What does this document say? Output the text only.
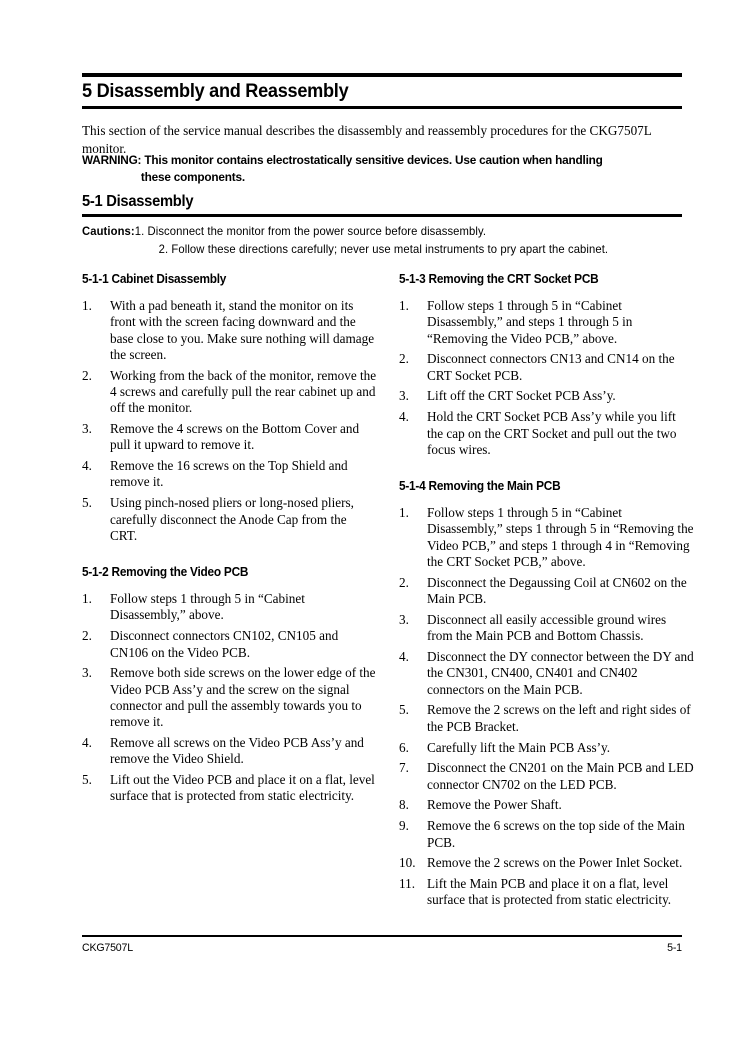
5 Disassembly and Reassembly

This section of the service manual describes the disassembly and reassembly procedures for the CKG7507L monitor.

WARNING: This monitor contains electrostatically sensitive devices. Use caution when handling
these components.
5-1 Disassembly
Cautions:1. Disconnect the monitor from the power source before disassembly.
2. Follow these directions carefully; never use metal instruments to pry apart the cabinet.
5-1-1 Cabinet Disassembly
1.	With a pad beneath it, stand the monitor on its front with the screen facing downward and the base close to you. Make sure nothing will damage the screen.
2.	Working from the back of the monitor, remove the 4 screws and carefully pull the rear cabinet up and off the monitor.
3.	Remove the 4 screws on the Bottom Cover and pull it upward to remove it.
4.	Remove the 16 screws on the Top Shield and remove it.
5.	Using pinch-nosed pliers or long-nosed pliers, carefully disconnect the Anode Cap from the CRT.
5-1-2 Removing the Video PCB
1.	Follow steps 1 through 5 in “Cabinet Disassembly,” above.
2.	Disconnect connectors CN102, CN105 and CN106 on the Video PCB.
3.	Remove both side screws on the lower edge of the Video PCB Ass’y and the screw on the signal connector and pull the assembly towards you to remove it.
4.	Remove all screws on the Video PCB Ass’y and remove the Video Shield.
5.	Lift out the Video PCB and place it on a flat, level surface that is protected from static electricity.
5-1-3 Removing the CRT Socket PCB
1.	Follow steps 1 through 5 in “Cabinet Disassembly,” and steps 1 through 5 in “Removing the Video PCB,” above.
2.	Disconnect connectors CN13 and CN14 on the CRT Socket PCB.
3.	Lift off the CRT Socket PCB Ass’y.
4.	Hold the CRT Socket PCB Ass’y while you lift the cap on the CRT Socket and pull out the two focus wires.
5-1-4 Removing the Main PCB
1.	Follow steps 1 through 5 in “Cabinet Disassembly,” steps 1 through 5 in “Removing the Video PCB,” and steps 1 through 4 in “Removing the CRT Socket PCB,” above.
2.	Disconnect the Degaussing Coil at CN602 on the Main PCB.
3.	Disconnect all easily accessible ground wires from the Main PCB and Bottom Chassis.
4.	Disconnect the DY connector between the DY and the CN301, CN400, CN401 and CN402 connectors on the Main PCB.
5.	Remove the 2 screws on the left and right sides of the PCB Bracket.
6.	Carefully lift the Main PCB Ass’y.
7.	Disconnect the CN201 on the Main PCB and LED connector CN702 on the LED PCB.
8.	Remove the Power Shaft.
9.	Remove the 6 screws on the top side of the Main PCB.
10. Remove the 2 screws on the Power Inlet Socket.
11. Lift the Main PCB and place it on a flat, level surface that is protected from static electricity.
CKG7507L	5-1
